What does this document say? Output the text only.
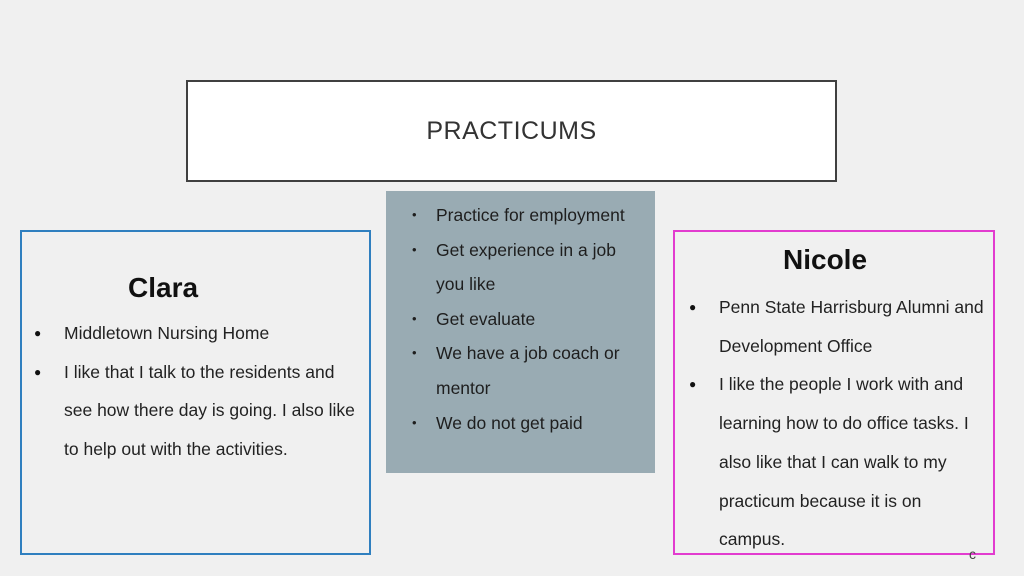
PRACTICUMS
• Practice for employment
• Get experience in a job you like
• Get evaluate
• We have a job coach or mentor
• We do not get paid
Clara
● Middletown Nursing Home
● I like that I talk to the residents and see how there day is going. I also like to help out with the activities.
Nicole
● Penn State Harrisburg Alumni and Development Office
● I like the people I work with and learning how to do office tasks. I also like that I can walk to my practicum because it is on campus.
c
